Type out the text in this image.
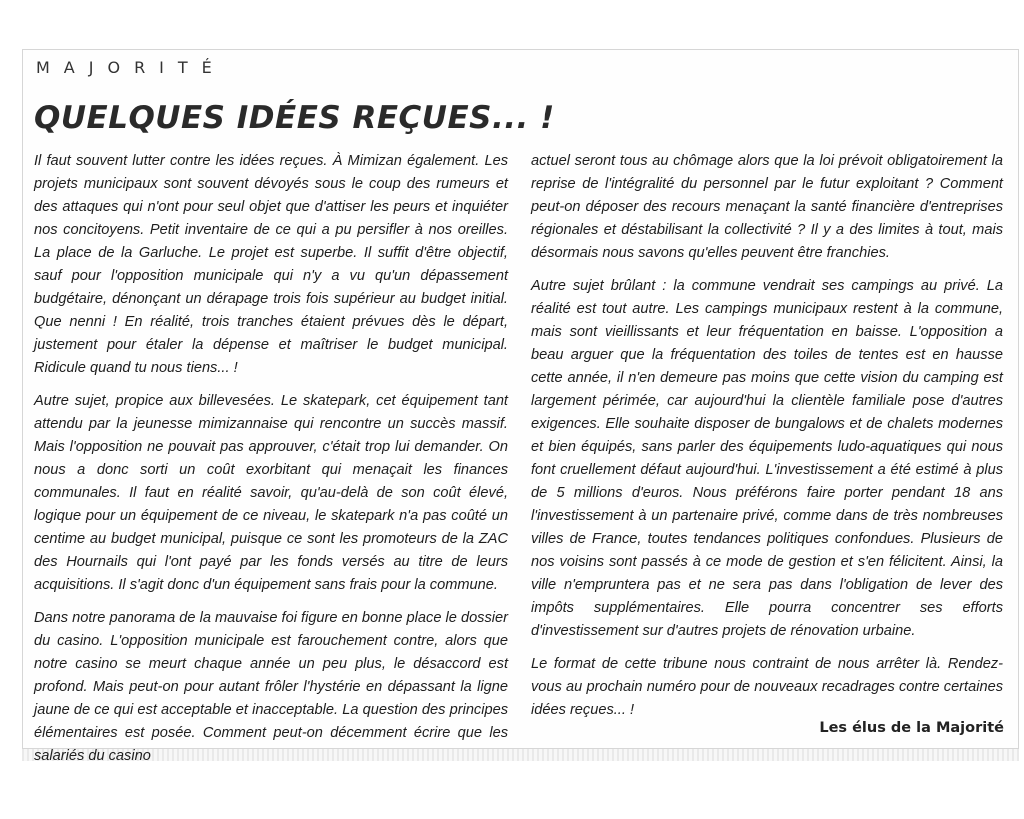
MAJORITÉ
QUELQUES IDÉES REÇUES... !

Il faut souvent lutter contre les idées reçues. À Mimizan également. Les projets municipaux sont souvent dévoyés sous le coup des rumeurs et des attaques qui n'ont pour seul objet que d'attiser les peurs et inquiéter nos concitoyens. Petit inventaire de ce qui a pu persifler à nos oreilles. La place de la Garluche. Le projet est superbe. Il suffit d'être objectif, sauf pour l'opposition municipale qui n'y a vu qu'un dépassement budgétaire, dénonçant un dérapage trois fois supérieur au budget initial. Que nenni ! En réalité, trois tranches étaient prévues dès le départ, justement pour étaler la dépense et maîtriser le budget municipal. Ridicule quand tu nous tiens... !

Autre sujet, propice aux billevesées. Le skatepark, cet équipement tant attendu par la jeunesse mimizannaise qui rencontre un succès massif. Mais l'opposition ne pouvait pas approuver, c'était trop lui demander. On nous a donc sorti un coût exorbitant qui menaçait les finances communales. Il faut en réalité savoir, qu'au-delà de son coût élevé, logique pour un équipement de ce niveau, le skatepark n'a pas coûté un centime au budget municipal, puisque ce sont les promoteurs de la ZAC des Hournails qui l'ont payé par les fonds versés au titre de leurs acquisitions. Il s'agit donc d'un équipement sans frais pour la commune.

Dans notre panorama de la mauvaise foi figure en bonne place le dossier du casino. L'opposition municipale est farouchement contre, alors que notre casino se meurt chaque année un peu plus, le désaccord est profond. Mais peut-on pour autant frôler l'hystérie en dépassant la ligne jaune de ce qui est acceptable et inacceptable. La question des principes élémentaires est posée. Comment peut-on décemment écrire que les salariés du casino

actuel seront tous au chômage alors que la loi prévoit obligatoirement la reprise de l'intégralité du personnel par le futur exploitant ? Comment peut-on déposer des recours menaçant la santé financière d'entreprises régionales et déstabilisant la collectivité ? Il y a des limites à tout, mais désormais nous savons qu'elles peuvent être franchies.

Autre sujet brûlant : la commune vendrait ses campings au privé. La réalité est tout autre. Les campings municipaux restent à la commune, mais sont vieillissants et leur fréquentation en baisse. L'opposition a beau arguer que la fréquentation des toiles de tentes est en hausse cette année, il n'en demeure pas moins que cette vision du camping est largement périmée, car aujourd'hui la clientèle familiale pose d'autres exigences. Elle souhaite disposer de bungalows et de chalets modernes et bien équipés, sans parler des équipements ludo-aquatiques qui nous font cruellement défaut aujourd'hui. L'investissement a été estimé à plus de 5 millions d'euros. Nous préférons faire porter pendant 18 ans l'investissement à un partenaire privé, comme dans de très nombreuses villes de France, toutes tendances politiques confondues. Plusieurs de nos voisins sont passés à ce mode de gestion et s'en félicitent. Ainsi, la ville n'empruntera pas et ne sera pas dans l'obligation de lever des impôts supplémentaires. Elle pourra concentrer ses efforts d'investissement sur d'autres projets de rénovation urbaine.

Le format de cette tribune nous contraint de nous arrêter là. Rendez-vous au prochain numéro pour de nouveaux recadrages contre certaines idées reçues... !

Les élus de la Majorité
